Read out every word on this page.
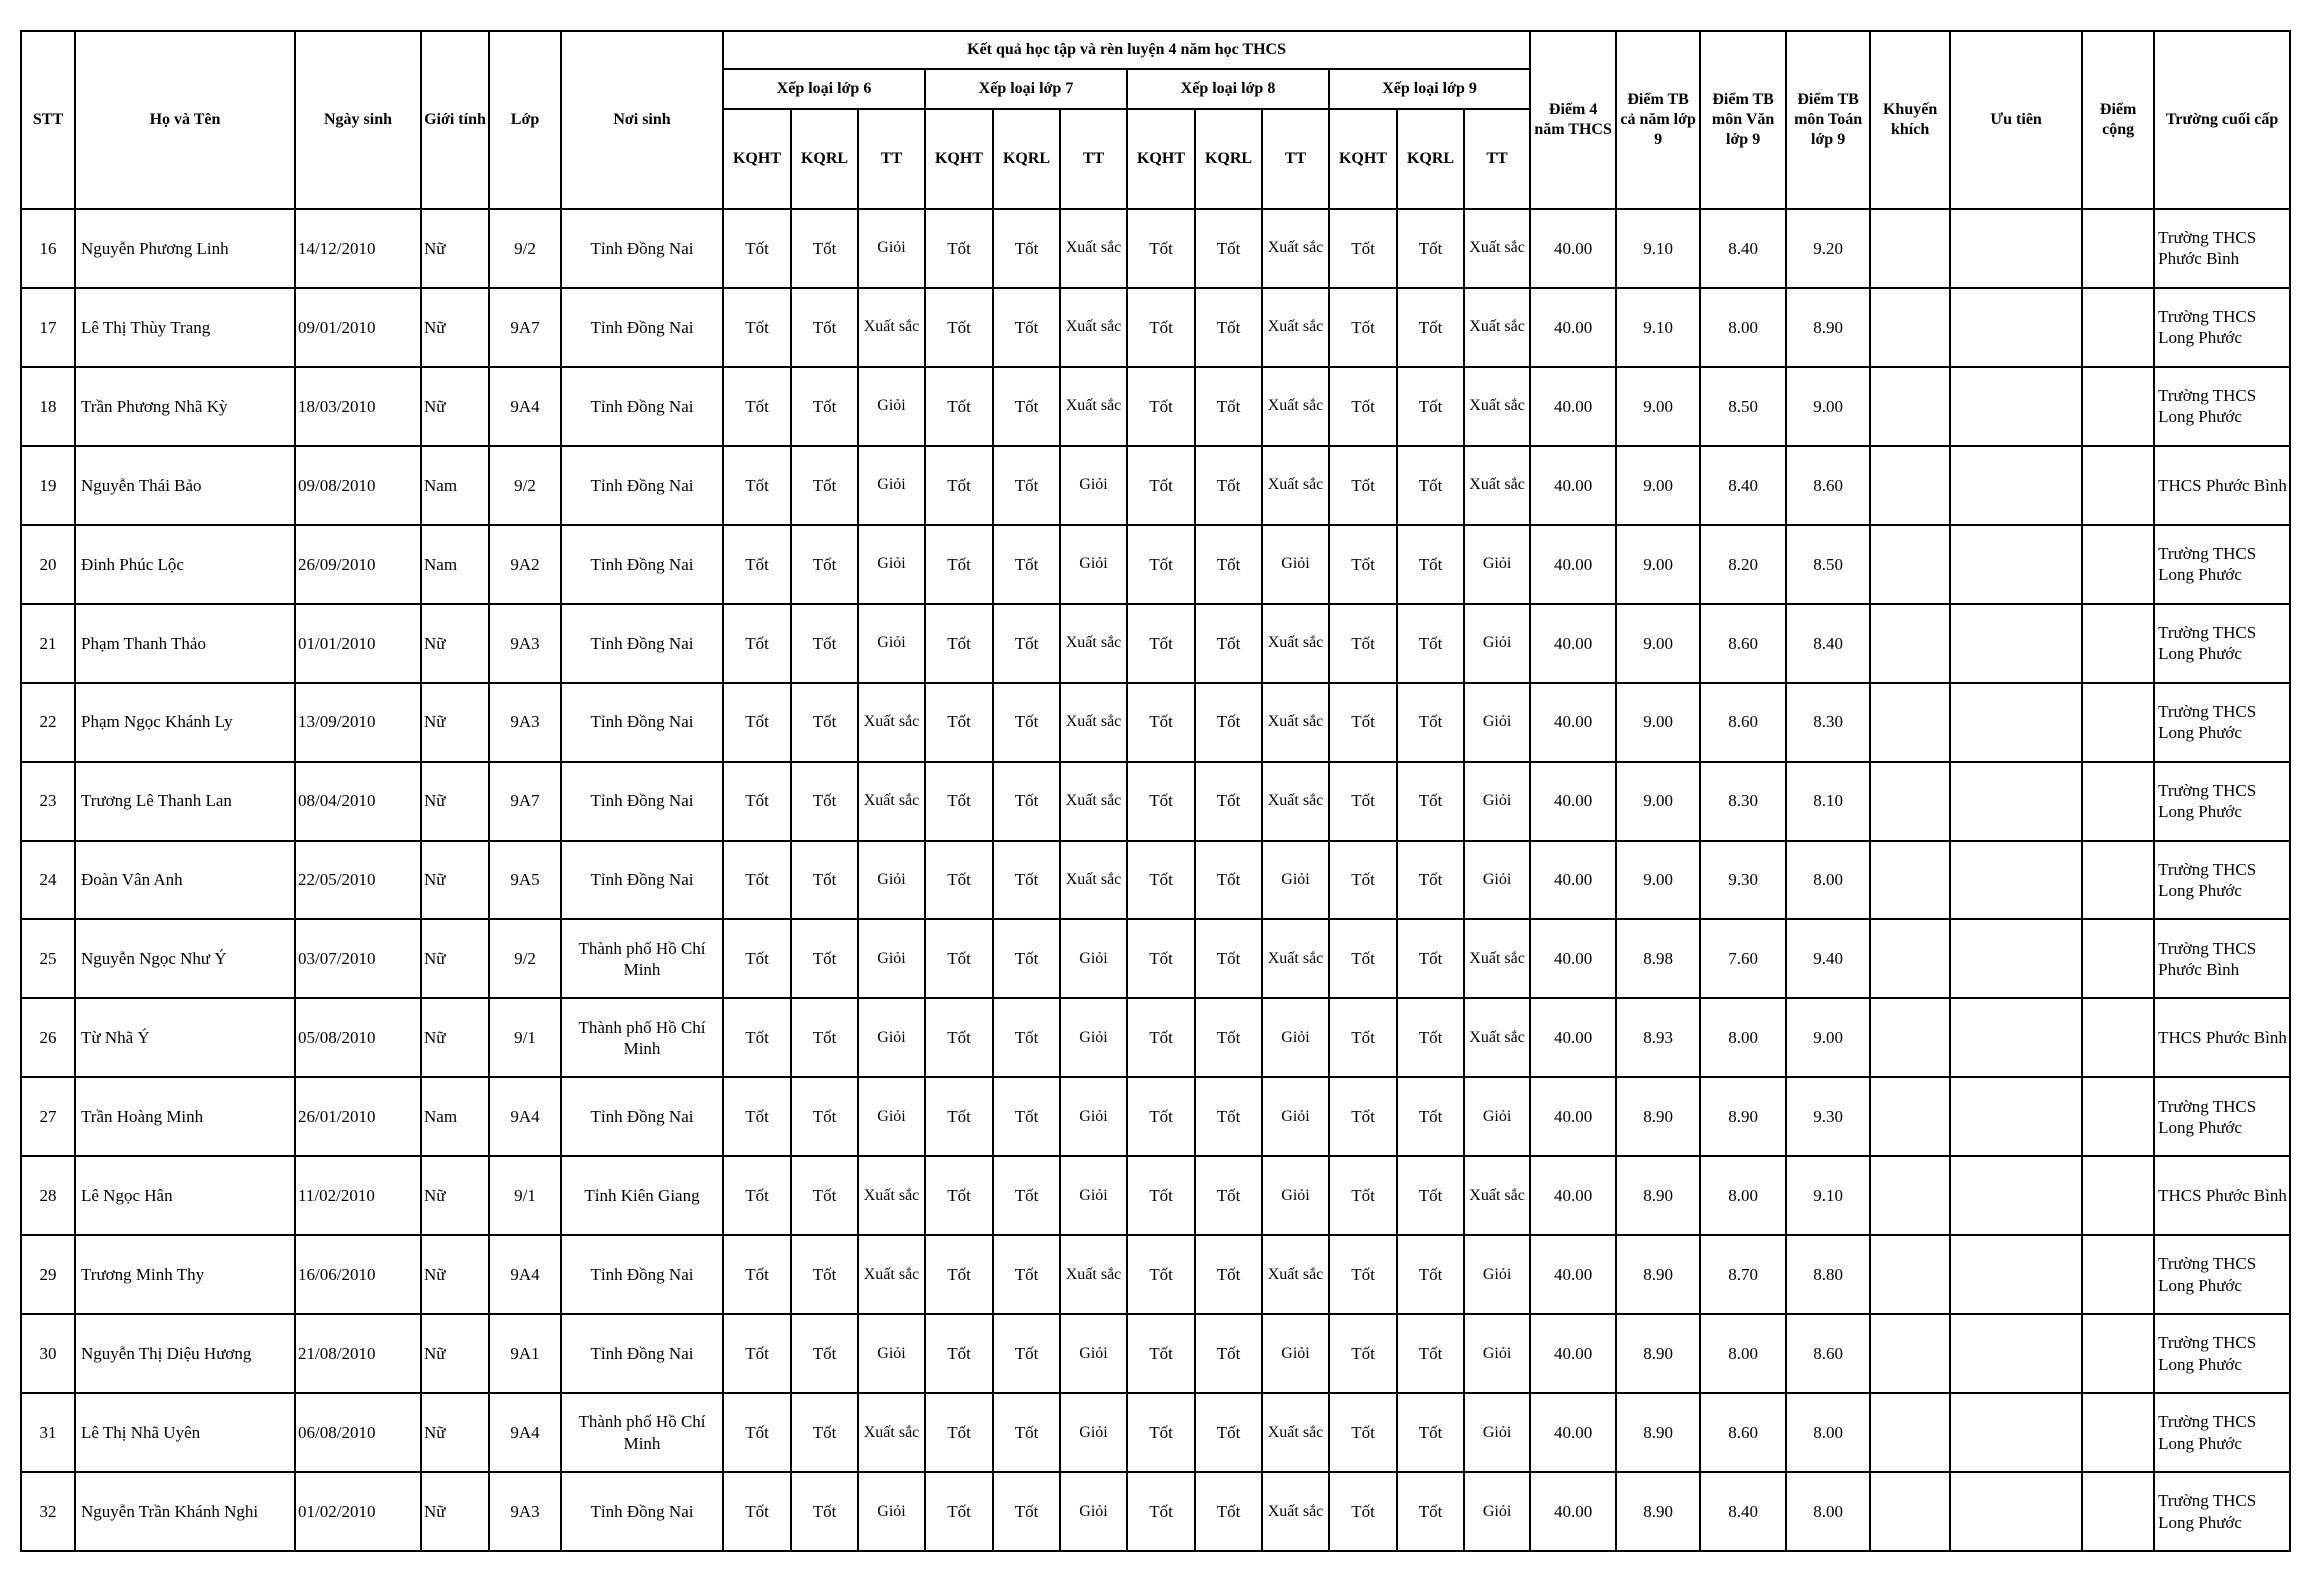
STT	Họ và Tên	Ngày sinh	Giới tính	Lớp	Nơi sinh	Kết quả học tập và rèn luyện 4 năm học THCS												Điểm 4 năm THCS	Điểm TB cả năm lớp 9	Điểm TB môn Văn lớp 9	Điểm TB môn Toán lớp 9	Khuyến khích	Ưu tiên	Điểm cộng	Trường cuối cấp
						Xếp loại lớp 6			Xếp loại lớp 7			Xếp loại lớp 8			Xếp loại lớp 9										
						KQHT	KQRL	TT	KQHT	KQRL	TT	KQHT	KQRL	TT	KQHT	KQRL	TT								
16	Nguyễn Phương Linh	14/12/2010	Nữ	9/2	Tỉnh Đồng Nai	Tốt	Tốt	Giỏi	Tốt	Tốt	Xuất sắc	Tốt	Tốt	Xuất sắc	Tốt	Tốt	Xuất sắc	40.00	9.10	8.40	9.20				Trường THCS Phước Bình
17	Lê Thị Thùy Trang	09/01/2010	Nữ	9A7	Tỉnh Đồng Nai	Tốt	Tốt	Xuất sắc	Tốt	Tốt	Xuất sắc	Tốt	Tốt	Xuất sắc	Tốt	Tốt	Xuất sắc	40.00	9.10	8.00	8.90				Trường THCS Long Phước
18	Trần Phương Nhã Kỳ	18/03/2010	Nữ	9A4	Tỉnh Đồng Nai	Tốt	Tốt	Giỏi	Tốt	Tốt	Xuất sắc	Tốt	Tốt	Xuất sắc	Tốt	Tốt	Xuất sắc	40.00	9.00	8.50	9.00				Trường THCS Long Phước
19	Nguyễn Thái Bảo	09/08/2010	Nam	9/2	Tỉnh Đồng Nai	Tốt	Tốt	Giỏi	Tốt	Tốt	Giỏi	Tốt	Tốt	Xuất sắc	Tốt	Tốt	Xuất sắc	40.00	9.00	8.40	8.60				THCS Phước Bình
20	Đinh Phúc Lộc	26/09/2010	Nam	9A2	Tỉnh Đồng Nai	Tốt	Tốt	Giỏi	Tốt	Tốt	Giỏi	Tốt	Tốt	Giỏi	Tốt	Tốt	Giỏi	40.00	9.00	8.20	8.50				Trường THCS Long Phước
21	Phạm Thanh Thảo	01/01/2010	Nữ	9A3	Tỉnh Đồng Nai	Tốt	Tốt	Giỏi	Tốt	Tốt	Xuất sắc	Tốt	Tốt	Xuất sắc	Tốt	Tốt	Giỏi	40.00	9.00	8.60	8.40				Trường THCS Long Phước
22	Phạm Ngọc Khánh Ly	13/09/2010	Nữ	9A3	Tỉnh Đồng Nai	Tốt	Tốt	Xuất sắc	Tốt	Tốt	Xuất sắc	Tốt	Tốt	Xuất sắc	Tốt	Tốt	Giỏi	40.00	9.00	8.60	8.30				Trường THCS Long Phước
23	Trương Lê Thanh Lan	08/04/2010	Nữ	9A7	Tỉnh Đồng Nai	Tốt	Tốt	Xuất sắc	Tốt	Tốt	Xuất sắc	Tốt	Tốt	Xuất sắc	Tốt	Tốt	Giỏi	40.00	9.00	8.30	8.10				Trường THCS Long Phước
24	Đoàn Vân Anh	22/05/2010	Nữ	9A5	Tỉnh Đồng Nai	Tốt	Tốt	Giỏi	Tốt	Tốt	Xuất sắc	Tốt	Tốt	Giỏi	Tốt	Tốt	Giỏi	40.00	9.00	9.30	8.00				Trường THCS Long Phước
25	Nguyễn Ngọc Như Ý	03/07/2010	Nữ	9/2	Thành phố Hồ Chí Minh	Tốt	Tốt	Giỏi	Tốt	Tốt	Giỏi	Tốt	Tốt	Xuất sắc	Tốt	Tốt	Xuất sắc	40.00	8.98	7.60	9.40				Trường THCS Phước Bình
26	Từ Nhã Ý	05/08/2010	Nữ	9/1	Thành phố Hồ Chí Minh	Tốt	Tốt	Giỏi	Tốt	Tốt	Giỏi	Tốt	Tốt	Giỏi	Tốt	Tốt	Xuất sắc	40.00	8.93	8.00	9.00				THCS Phước Bình
27	Trần Hoàng Minh	26/01/2010	Nam	9A4	Tỉnh Đồng Nai	Tốt	Tốt	Giỏi	Tốt	Tốt	Giỏi	Tốt	Tốt	Giỏi	Tốt	Tốt	Giỏi	40.00	8.90	8.90	9.30				Trường THCS Long Phước
28	Lê Ngọc Hân	11/02/2010	Nữ	9/1	Tỉnh Kiên Giang	Tốt	Tốt	Xuất sắc	Tốt	Tốt	Giỏi	Tốt	Tốt	Giỏi	Tốt	Tốt	Xuất sắc	40.00	8.90	8.00	9.10				THCS Phước Bình
29	Trương Minh Thy	16/06/2010	Nữ	9A4	Tỉnh Đồng Nai	Tốt	Tốt	Xuất sắc	Tốt	Tốt	Xuất sắc	Tốt	Tốt	Xuất sắc	Tốt	Tốt	Giỏi	40.00	8.90	8.70	8.80				Trường THCS Long Phước
30	Nguyễn Thị Diệu Hương	21/08/2010	Nữ	9A1	Tỉnh Đồng Nai	Tốt	Tốt	Giỏi	Tốt	Tốt	Giỏi	Tốt	Tốt	Giỏi	Tốt	Tốt	Giỏi	40.00	8.90	8.00	8.60				Trường THCS Long Phước
31	Lê Thị Nhã Uyên	06/08/2010	Nữ	9A4	Thành phố Hồ Chí Minh	Tốt	Tốt	Xuất sắc	Tốt	Tốt	Giỏi	Tốt	Tốt	Xuất sắc	Tốt	Tốt	Giỏi	40.00	8.90	8.60	8.00				Trường THCS Long Phước
32	Nguyễn Trần Khánh Nghi	01/02/2010	Nữ	9A3	Tỉnh Đồng Nai	Tốt	Tốt	Giỏi	Tốt	Tốt	Giỏi	Tốt	Tốt	Xuất sắc	Tốt	Tốt	Giỏi	40.00	8.90	8.40	8.00				Trường THCS Long Phước
